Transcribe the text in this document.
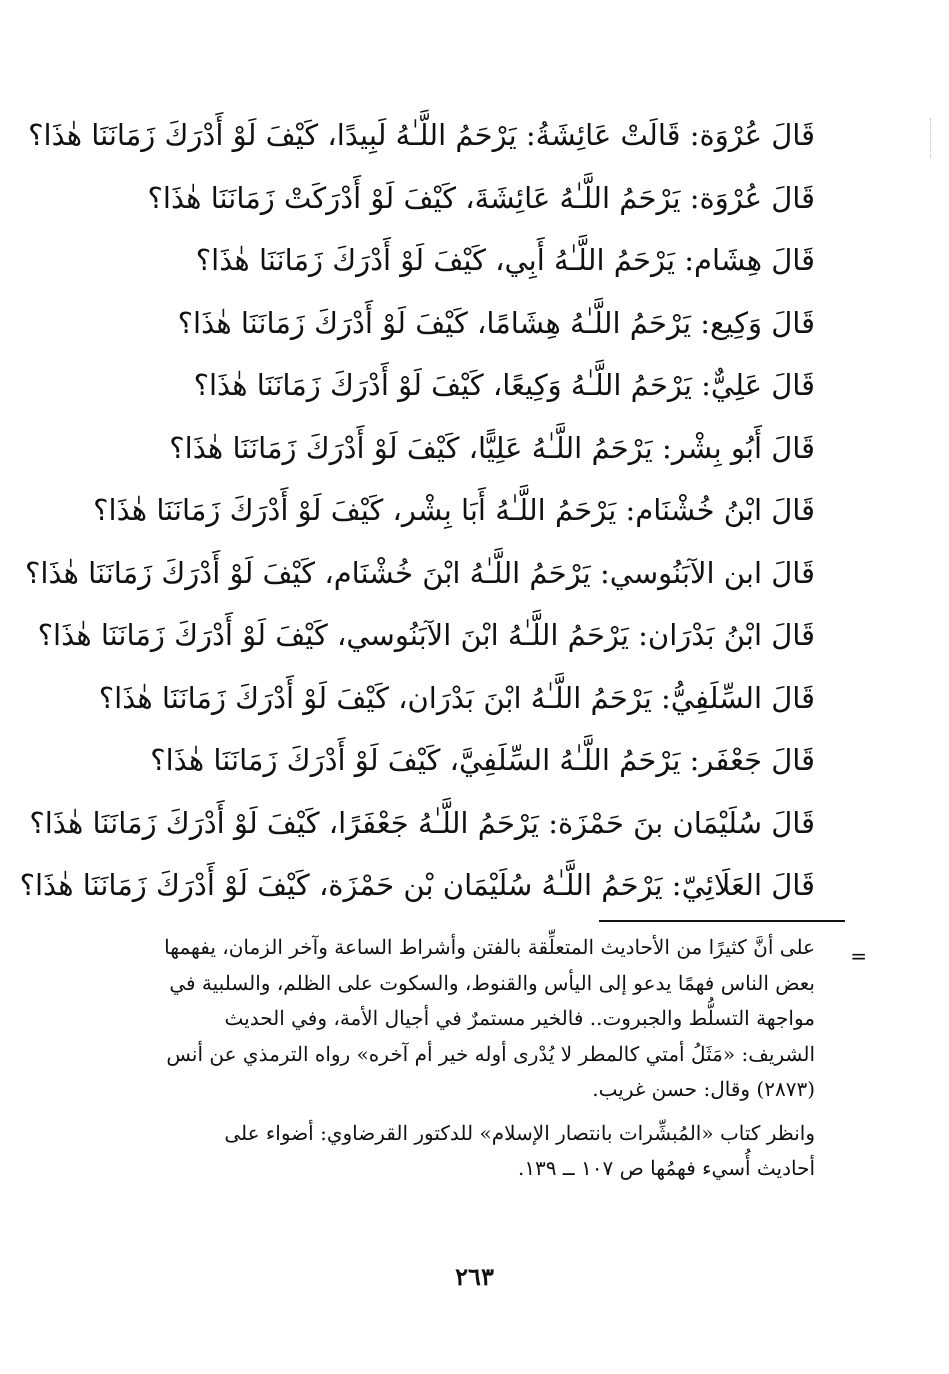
قَالَ عُرْوَة: قَالَتْ عَائِشَةُ: يَرْحَمُ اللَّـٰهُ لَبِيدًا، كَيْفَ لَوْ أَدْرَكَ زَمَانَنَا هٰذَا؟
قَالَ عُرْوَة: يَرْحَمُ اللَّـٰهُ عَائِشَةَ، كَيْفَ لَوْ أَدْرَكَتْ زَمَانَنَا هٰذَا؟
قَالَ هِشَام: يَرْحَمُ اللَّـٰهُ أَبِي، كَيْفَ لَوْ أَدْرَكَ زَمَانَنَا هٰذَا؟
قَالَ وَكِيع: يَرْحَمُ اللَّـٰهُ هِشَامًا، كَيْفَ لَوْ أَدْرَكَ زَمَانَنَا هٰذَا؟
قَالَ عَلِيٌّ: يَرْحَمُ اللَّـٰهُ وَكِيعًا، كَيْفَ لَوْ أَدْرَكَ زَمَانَنَا هٰذَا؟
قَالَ أَبُو بِشْر: يَرْحَمُ اللَّـٰهُ عَلِيًّا، كَيْفَ لَوْ أَدْرَكَ زَمَانَنَا هٰذَا؟
قَالَ ابْنُ خُشْنَام: يَرْحَمُ اللَّـٰهُ أَبَا بِشْر، كَيْفَ لَوْ أَدْرَكَ زَمَانَنَا هٰذَا؟
قَالَ ابن الآبَنُوسي: يَرْحَمُ اللَّـٰهُ ابْنَ خُشْنَام، كَيْفَ لَوْ أَدْرَكَ زَمَانَنَا هٰذَا؟
قَالَ ابْنُ بَدْرَان: يَرْحَمُ اللَّـٰهُ ابْنَ الآبَنُوسي، كَيْفَ لَوْ أَدْرَكَ زَمَانَنَا هٰذَا؟
قَالَ السِّلَفِيُّ: يَرْحَمُ اللَّـٰهُ ابْنَ بَدْرَان، كَيْفَ لَوْ أَدْرَكَ زَمَانَنَا هٰذَا؟
قَالَ جَعْفَر: يَرْحَمُ اللَّـٰهُ السِّلَفِيَّ، كَيْفَ لَوْ أَدْرَكَ زَمَانَنَا هٰذَا؟
قَالَ سُلَيْمَان بنَ حَمْزَة: يَرْحَمُ اللَّـٰهُ جَعْفَرًا، كَيْفَ لَوْ أَدْرَكَ زَمَانَنَا هٰذَا؟
قَالَ العَلَائِيّ: يَرْحَمُ اللَّـٰهُ سُلَيْمَان بْن حَمْزَة، كَيْفَ لَوْ أَدْرَكَ زَمَانَنَا هٰذَا؟
=
على أنَّ كثيرًا من الأحاديث المتعلِّقة بالفتن وأشراط الساعة وآخر الزمان، يفهمها
بعض الناس فهمًا يدعو إلى اليأس والقنوط، والسكوت على الظلم، والسلبية في
مواجهة التسلُّط والجبروت.. فالخير مستمرٌ في أجيال الأمة، وفي الحديث
الشريف: «مَثَلُ أمتي كالمطر لا يُدْرى أوله خير أم آخره» رواه الترمذي عن أنس
(٢٨٧٣) وقال: حسن غريب.
وانظر كتاب «المُبشِّرات بانتصار الإسلام» للدكتور القرضاوي: أضواء على
أحاديث أُسيء فهمُها ص ١٠٧ ــ ١٣٩.
٢٦٣
